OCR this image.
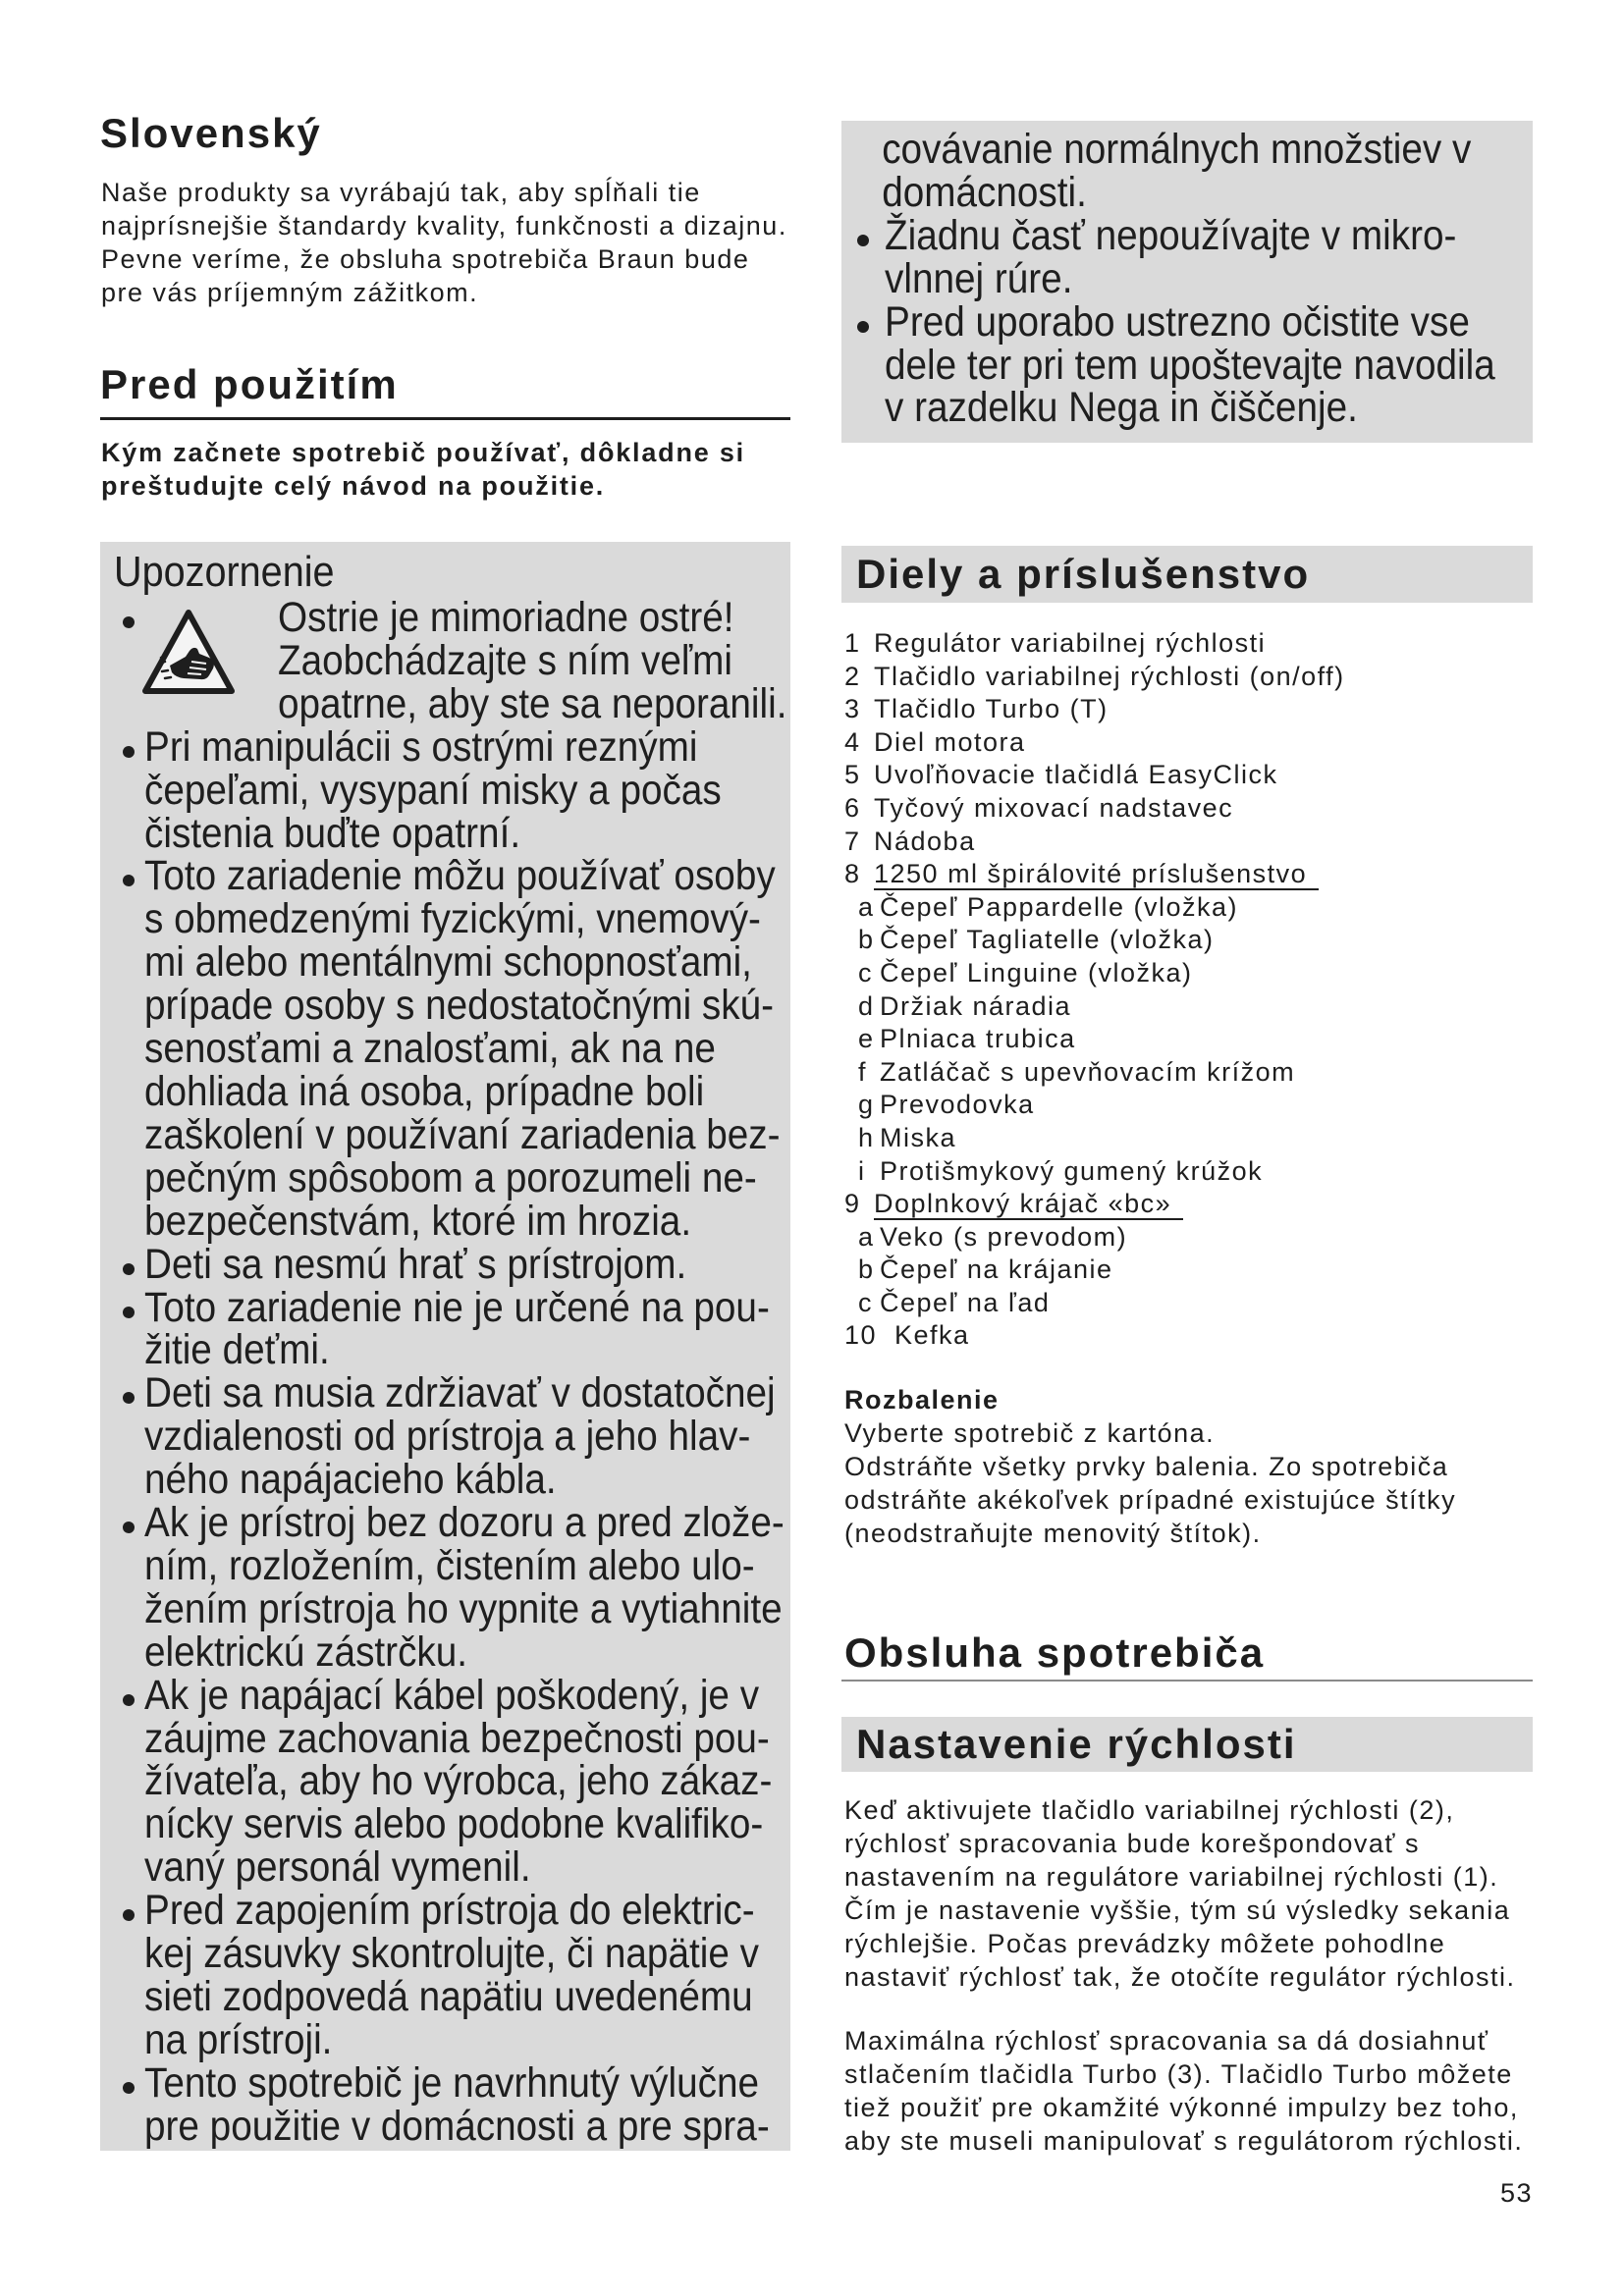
Slovenský
Naše produkty sa vyrábajú tak, aby spĺňali tie
najprísnejšie štandardy kvality, funkčnosti a dizajnu.
Pevne veríme, že obsluha spotrebiča Braun bude
pre vás príjemným zážitkom.
Pred použitím
Kým začnete spotrebič používať, dôkladne si
preštudujte celý návod na použitie.
Upozornenie
Ostrie je mimoriadne ostré!
Zaobchádzajte s ním veľmi
opatrne, aby ste sa neporanili.
Pri manipulácii s ostrými reznými
čepeľami, vysypaní misky a počas
čistenia buďte opatrní.
Toto zariadenie môžu používať osoby
s obmedzenými fyzickými, vnemový-
mi alebo mentálnymi schopnosťami,
prípade osoby s nedostatočnými skú-
senosťami a znalosťami, ak na ne
dohliada iná osoba, prípadne boli
zaškolení v používaní zariadenia bez-
pečným spôsobom a porozumeli ne-
bezpečenstvám, ktoré im hrozia.
Deti sa nesmú hrať s prístrojom.
Toto zariadenie nie je určené na pou-
žitie deťmi.
Deti sa musia zdržiavať v dostatočnej
vzdialenosti od prístroja a jeho hlav-
ného napájacieho kábla.
Ak je prístroj bez dozoru a pred zlože-
ním, rozložením, čistením alebo ulo-
žením prístroja ho vypnite a vytiahnite
elektrickú zástrčku.
Ak je napájací kábel poškodený, je v
záujme zachovania bezpečnosti pou-
žívateľa, aby ho výrobca, jeho zákaz-
nícky servis alebo podobne kvalifiko-
vaný personál vymenil.
Pred zapojením prístroja do elektric-
kej zásuvky skontrolujte, či napätie v
sieti zodpovedá napätiu uvedenému
na prístroji.
Tento spotrebič je navrhnutý výlučne
pre použitie v domácnosti a pre spra-
covávanie normálnych množstiev v
domácnosti.
Žiadnu časť nepoužívajte v mikro-
vlnnej rúre.
Pred uporabo ustrezno očistite vse
dele ter pri tem upoštevajte navodila
v razdelku Nega in čiščenje.
Diely a príslušenstvo
1 Regulátor variabilnej rýchlosti
2 Tlačidlo variabilnej rýchlosti (on/off)
3 Tlačidlo Turbo (T)
4 Diel motora
5 Uvoľňovacie tlačidlá EasyClick
6 Tyčový mixovací nadstavec
7 Nádoba
8 1250 ml špirálovité príslušenstvo
a Čepeľ Pappardelle (vložka)
b Čepeľ Tagliatelle (vložka)
c Čepeľ Linguine (vložka)
d Držiak náradia
e Plniaca trubica
f Zatláčač s upevňovacím krížom
g Prevodovka
h Miska
i Protišmykový gumený krúžok
9 Doplnkový krájač «bc»
a Veko (s prevodom)
b Čepeľ na krájanie
c Čepeľ na ľad
10 Kefka
Rozbalenie
Vyberte spotrebič z kartóna.
Odstráňte všetky prvky balenia. Zo spotrebiča
odstráňte akékoľvek prípadné existujúce štítky
(neodstraňujte menovitý štítok).
Obsluha spotrebiča
Nastavenie rýchlosti
Keď aktivujete tlačidlo variabilnej rýchlosti (2),
rýchlosť spracovania bude korešpondovať s
nastavením na regulátore variabilnej rýchlosti (1).
Čím je nastavenie vyššie, tým sú výsledky sekania
rýchlejšie. Počas prevádzky môžete pohodlne
nastaviť rýchlosť tak, že otočíte regulátor rýchlosti.
Maximálna rýchlosť spracovania sa dá dosiahnuť
stlačením tlačidla Turbo (3). Tlačidlo Turbo môžete
tiež použiť pre okamžité výkonné impulzy bez toho,
aby ste museli manipulovať s regulátorom rýchlosti.
53
